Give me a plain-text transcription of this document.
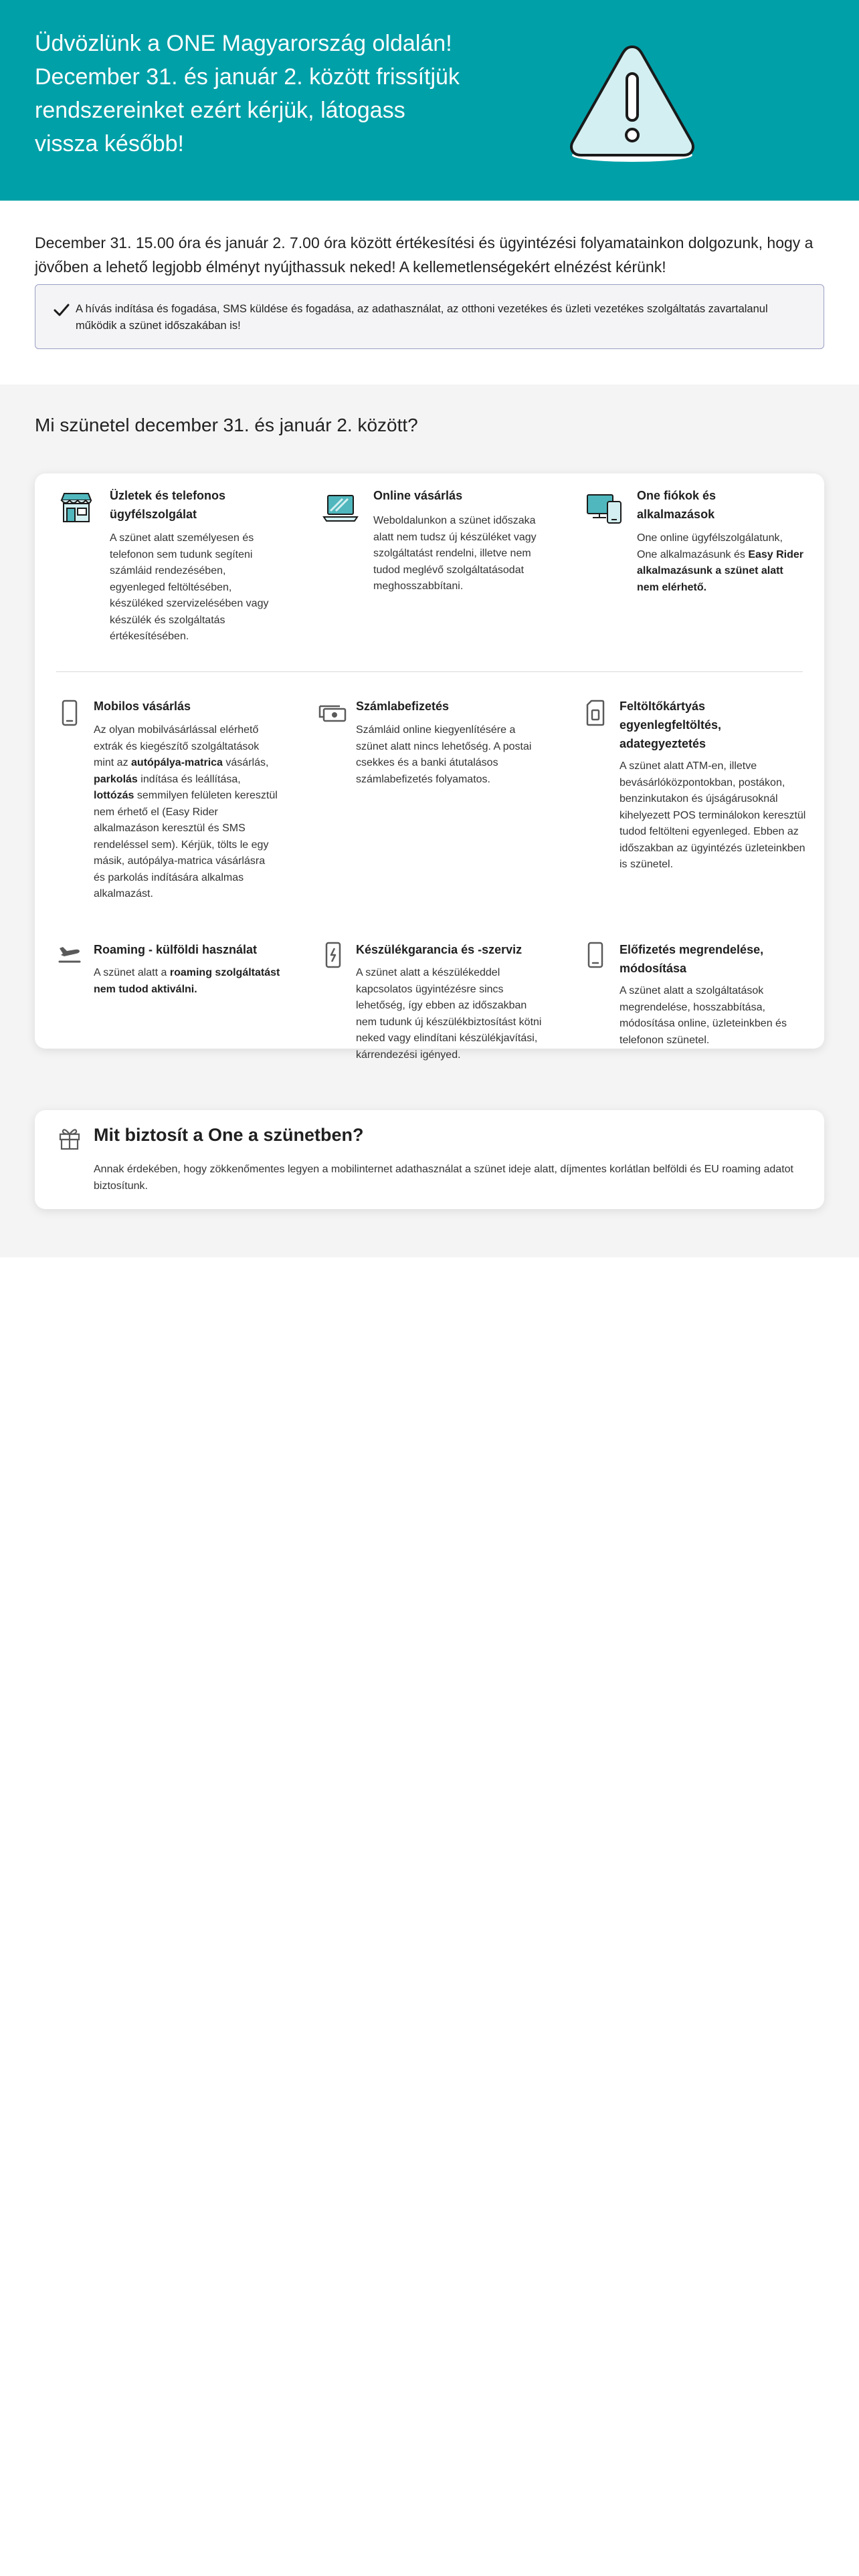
Üdvözlünk a ONE Magyarország oldalán! December 31. és január 2. között frissítjük rendszereinket ezért kérjük, látogass vissza később!
December 31. 15.00 óra és január 2. 7.00 óra között értékesítési és ügyintézési folyamatainkon dolgozunk, hogy a jövőben a lehető legjobb élményt nyújthassuk neked! A kellemetlenségekért elnézést kérünk!
A hívás indítása és fogadása, SMS küldése és fogadása, az adathasználat, az otthoni vezetékes és üzleti vezetékes szolgáltatás zavartalanul működik a szünet időszakában is!
Mi szünetel december 31. és január 2. között?
Üzletek és telefonos
ügyfélszolgálat
A szünet alatt személyesen és telefonon sem tudunk segíteni számláid rendezésében, egyenleged feltöltésében, készüléked szervizelésében vagy készülék és szolgáltatás értékesítésében.
Online vásárlás
Weboldalunkon a szünet időszaka alatt nem tudsz új készüléket vagy szolgáltatást rendelni, illetve nem tudod meglévő szolgáltatásodat meghosszabbítani.
One fiókok és
alkalmazások
One online ügyfélszolgálatunk, One alkalmazásunk és Easy Rider alkalmazásunk a szünet alatt nem elérhető.
Mobilos vásárlás
Az olyan mobilvásárlással elérhető extrák és kiegészítő szolgáltatások mint az autópálya-matrica vásárlás, parkolás indítása és leállítása, lottózás semmilyen felületen keresztül nem érhető el (Easy Rider alkalmazáson keresztül és SMS rendeléssel sem). Kérjük, tölts le egy másik, autópálya-matrica vásárlásra és parkolás indítására alkalmas alkalmazást.
Számlabefizetés
Számláid online kiegyenlítésére a szünet alatt nincs lehetőség. A postai csekkes és a banki átutalásos számlabefizetés folyamatos.
Feltöltőkártyás
egyenlegfeltöltés,
adategyeztetés
A szünet alatt ATM-en, illetve bevásárlóközpontokban, postákon, benzinkutakon és újságárusoknál kihelyezett POS terminálokon keresztül tudod feltölteni egyenleged. Ebben az időszakban az ügyintézés üzleteinkben is szünetel.
Roaming - külföldi használat
A szünet alatt a roaming szolgáltatást nem tudod aktiválni.
Készülékgarancia és -szerviz
A szünet alatt a készülékeddel kapcsolatos ügyintézésre sincs lehetőség, így ebben az időszakban nem tudunk új készülékbiztosítást kötni neked vagy elindítani készülékjavítási, kárrendezési igényed.
Előfizetés megrendelése,
módosítása
A szünet alatt a szolgáltatások megrendelése, hosszabbítása, módosítása online, üzleteinkben és telefonon szünetel.
Mit biztosít a One a szünetben?
Annak érdekében, hogy zökkenőmentes legyen a mobilinternet adathasználat a szünet ideje alatt, díjmentes korlátlan belföldi és EU roaming adatot biztosítunk.
